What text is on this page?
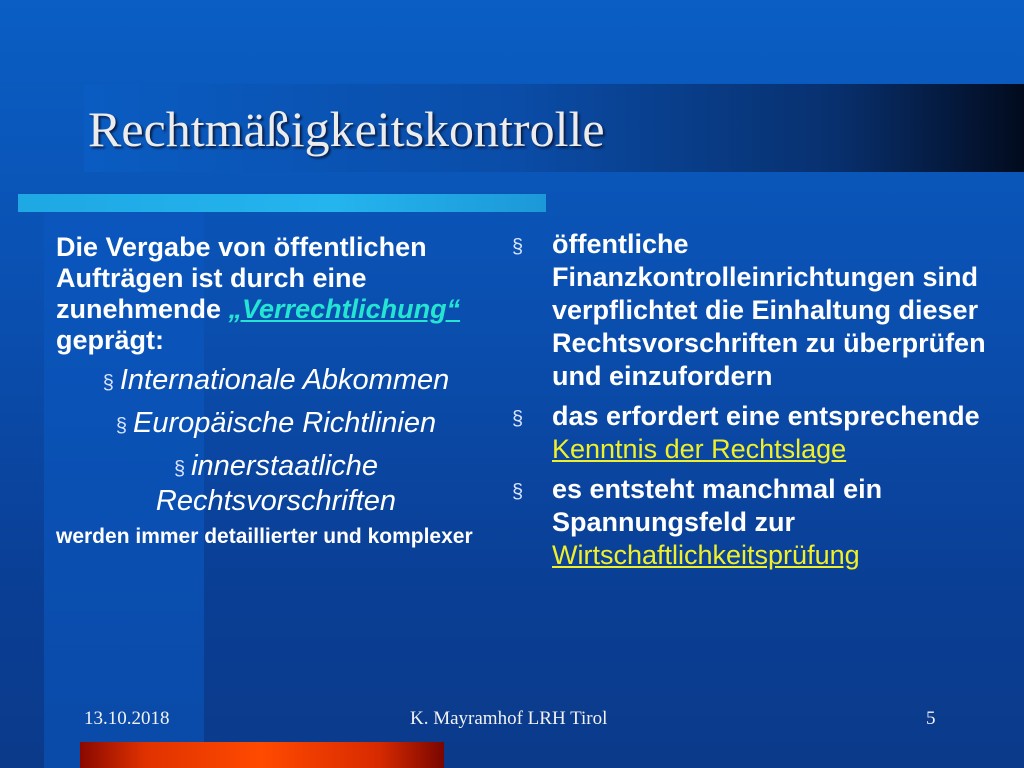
Rechtmäßigkeitskontrolle
Die Vergabe von öffentlichen Aufträgen ist durch eine zunehmende „Verrechtlichung“ geprägt:
§ Internationale Abkommen
§ Europäische Richtlinien
§ innerstaatliche Rechtsvorschriften
werden immer detaillierter und komplexer
§	öffentliche Finanzkontrolleinrichtungen sind verpflichtet die Einhaltung dieser Rechtsvorschriften zu überprüfen und einzufordern
§	das erfordert eine entsprechende Kenntnis der Rechtslage
§	es entsteht manchmal ein Spannungsfeld zur Wirtschaftlichkeitsprüfung
13.10.2018	K. Mayramhof LRH Tirol	5
